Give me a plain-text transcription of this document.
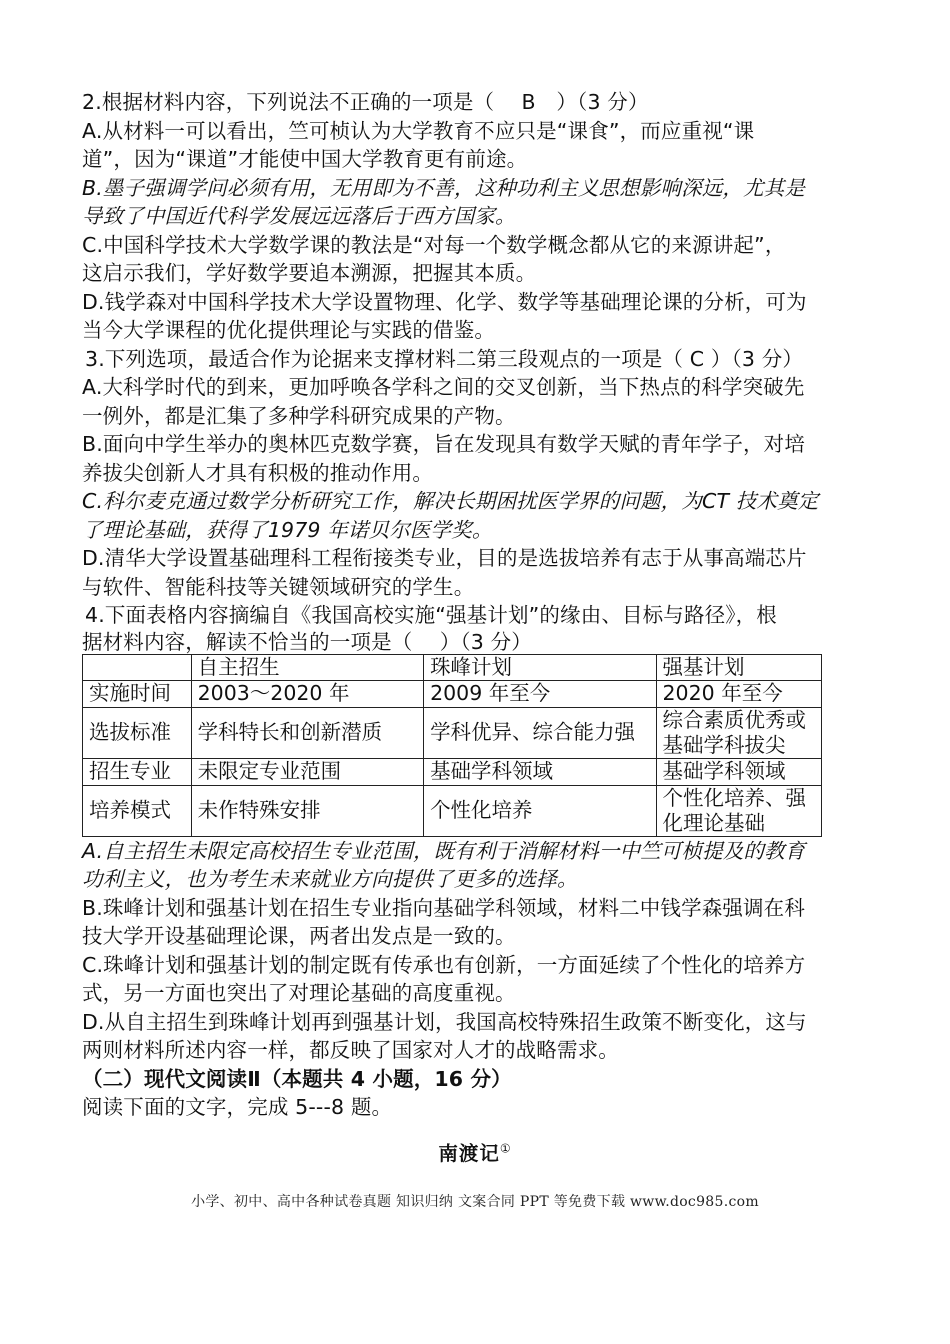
2.根据材料内容，下列说法不正确的一项是（　 B　）（3 分）
A.从材料一可以看出，竺可桢认为大学教育不应只是“课食”，而应重视“课
道”，因为“课道”才能使中国大学教育更有前途。
B.墨子强调学问必须有用，无用即为不善，这种功利主义思想影响深远，尤其是
导致了中国近代科学发展远远落后于西方国家。
C.中国科学技术大学数学课的教法是“对每一个数学概念都从它的来源讲起”，
这启示我们，学好数学要追本溯源，把握其本质。
D.钱学森对中国科学技术大学设置物理、化学、数学等基础理论课的分析，可为
当今大学课程的优化提供理论与实践的借鉴。
3.下列选项，最适合作为论据来支撑材料二第三段观点的一项是（ C ）（3 分）
A.大科学时代的到来，更加呼唤各学科之间的交叉创新，当下热点的科学突破先
一例外，都是汇集了多种学科研究成果的产物。
B.面向中学生举办的奥林匹克数学赛，旨在发现具有数学天赋的青年学子，对培
养拔尖创新人才具有积极的推动作用。
C.科尔麦克通过数学分析研究工作，解决长期困扰医学界的问题，为CT 技术奠定
了理论基础，获得了1979 年诺贝尔医学奖。
D.清华大学设置基础理科工程衔接类专业，目的是选拔培养有志于从事高端芯片
与软件、智能科技等关键领域研究的学生。
4.下面表格内容摘编自《我国高校实施“强基计划”的缘由、目标与路径》，根
据材料内容，解读不恰当的一项是（　 ）（3 分）
	自主招生	珠峰计划	强基计划
实施时间	2003～2020 年	2009 年至今	2020 年至今
选拔标准	学科特长和创新潜质	学科优异、综合能力强	综合素质优秀或基础学科拔尖
招生专业	未限定专业范围	基础学科领域	基础学科领域
培养模式	未作特殊安排	个性化培养	个性化培养、强化理论基础
A.自主招生未限定高校招生专业范围，既有利于消解材料一中竺可桢提及的教育
功利主义，也为考生未来就业方向提供了更多的选择。
B.珠峰计划和强基计划在招生专业指向基础学科领域，材料二中钱学森强调在科
技大学开设基础理论课，两者出发点是一致的。
C.珠峰计划和强基计划的制定既有传承也有创新，一方面延续了个性化的培养方
式，另一方面也突出了对理论基础的高度重视。
D.从自主招生到珠峰计划再到强基计划，我国高校特殊招生政策不断变化，这与
两则材料所述内容一样，都反映了国家对人才的战略需求。
（二）现代文阅读Ⅱ（本题共 4 小题，16 分）
阅读下面的文字，完成 5---8 题。
南渡记①
小学、初中、高中各种试卷真题 知识归纳 文案合同 PPT 等免费下载 www.doc985.com
